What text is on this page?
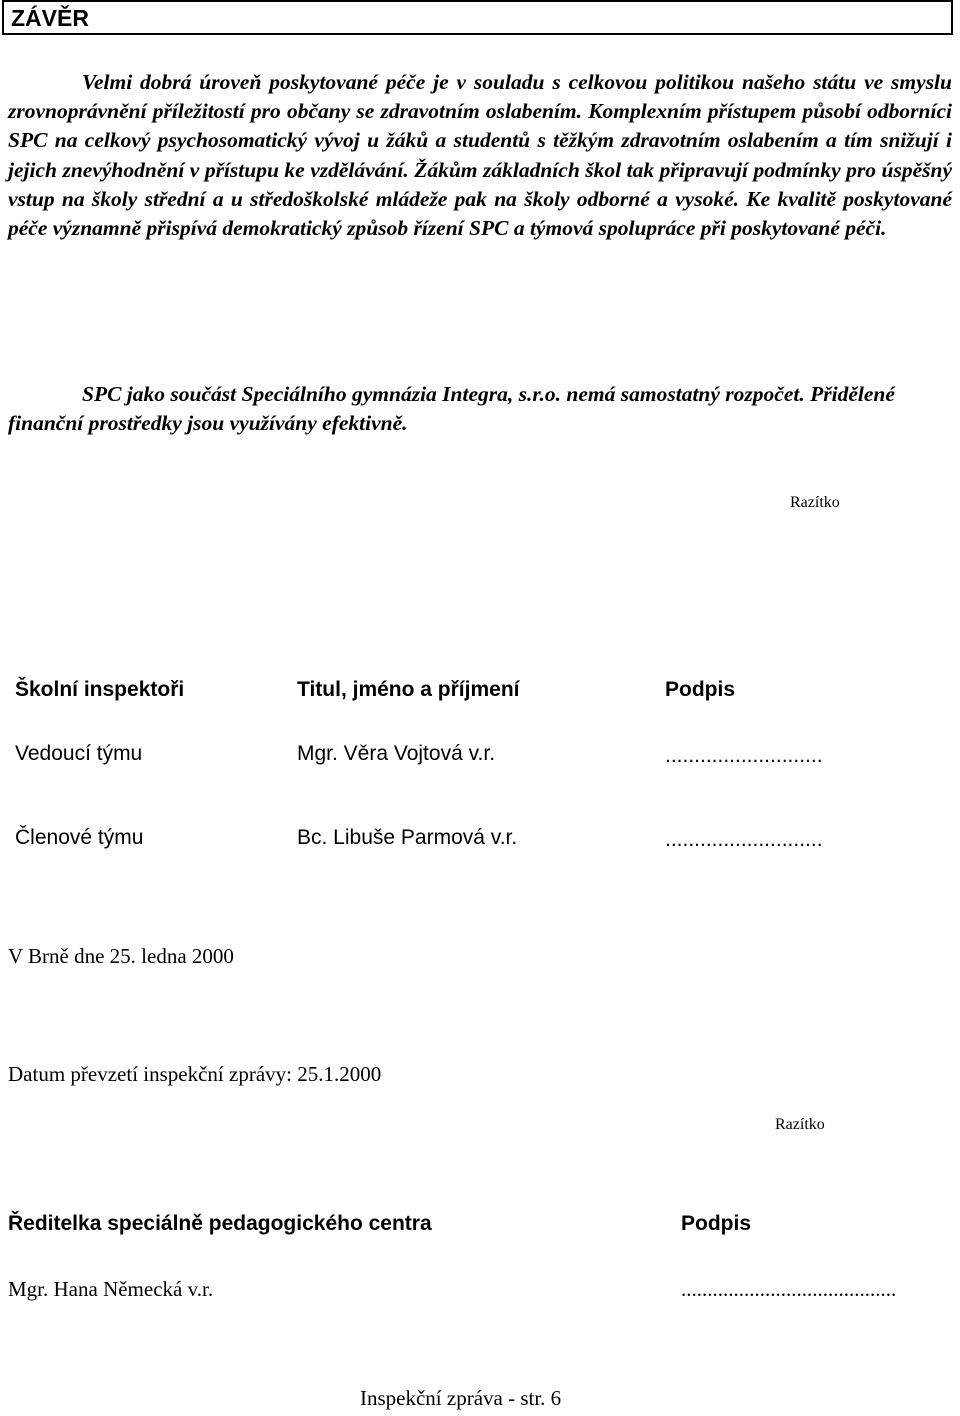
ZÁVĚR
Velmi dobrá úroveň poskytované péče je v souladu s celkovou politikou našeho státu ve smyslu zrovnoprávnění příležitostí pro občany se zdravotním oslabením. Komplexním přístupem působí odborníci SPC na celkový psychosomatický vývoj u žáků a studentů s těžkým zdravotním oslabením a tím snižují i jejich znevýhodnění v přístupu ke vzdělávání. Žákům základních škol tak připravují podmínky pro úspěšný vstup na školy střední a u středoškolské mládeže pak na školy odborné a vysoké. Ke kvalitě poskytované péče významně přispívá demokratický způsob řízení SPC a týmová spolupráce při poskytované péči.
SPC jako součást Speciálního gymnázia Integra, s.r.o. nemá samostatný rozpočet. Přidělené finanční prostředky jsou využívány efektivně.
Razítko
Školní inspektoři	Titul, jméno a příjmení	Podpis
Vedoucí týmu	Mgr. Věra Vojtová v.r.	...........................
Členové týmu	Bc. Libuše Parmová v.r.	...........................
V Brně dne 25. ledna 2000
Datum převzetí inspekční zprávy: 25.1.2000
Razítko
Ředitelka speciálně pedagogického centra	Podpis
Mgr. Hana Německá v.r.	.........................................
Inspekční zpráva - str. 6
